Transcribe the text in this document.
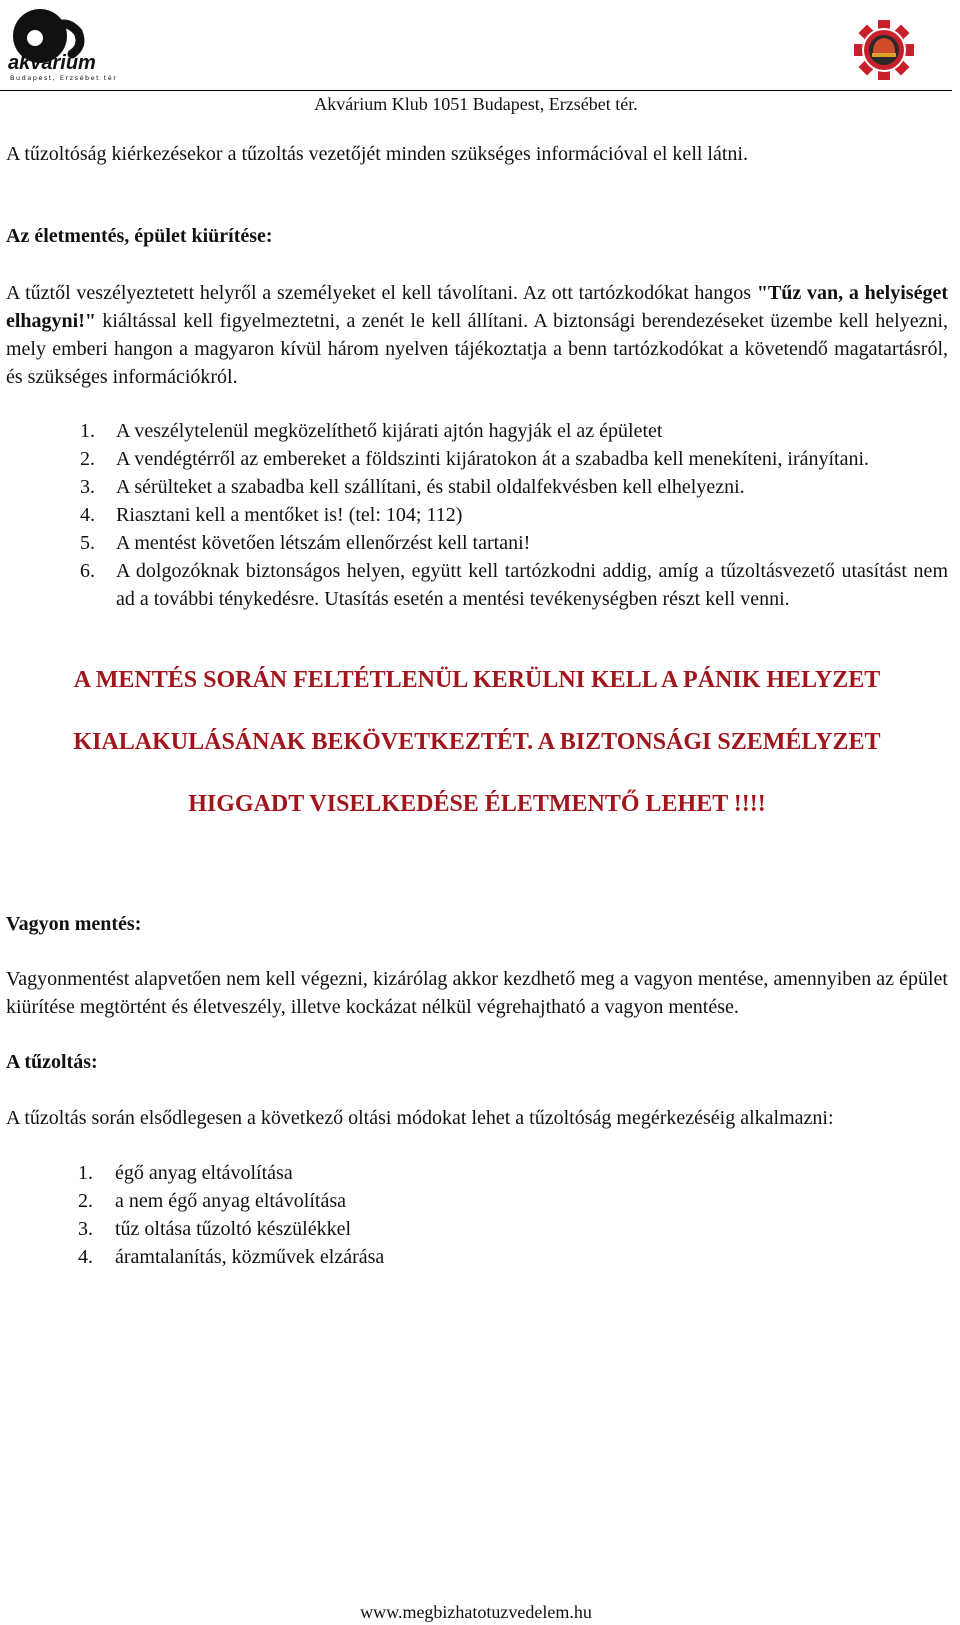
akvárium
Budapest, Erzsébet tér
Akvárium Klub 1051 Budapest, Erzsébet tér.

A tűzoltóság kiérkezésekor a tűzoltás vezetőjét minden szükséges információval el kell látni.

Az életmentés, épület kiürítése:

A tűztől veszélyeztetett helyről a személyeket el kell távolítani. Az ott tartózkodókat hangos "Tűz van, a helyiséget elhagyni!" kiáltással kell figyelmeztetni, a zenét le kell állítani. A biztonsági berendezéseket üzembe kell helyezni, mely emberi hangon a magyaron kívül három nyelven tájékoztatja a benn tartózkodókat a követendő magatartásról, és szükséges információkról.

1. A veszélytelenül megközelíthető kijárati ajtón hagyják el az épületet
2. A vendégtérről az embereket a földszinti kijáratokon át a szabadba kell menekíteni, irányítani.
3. A sérülteket a szabadba kell szállítani, és stabil oldalfekvésben kell elhelyezni.
4. Riasztani kell a mentőket is! (tel: 104; 112)
5. A mentést követően létszám ellenőrzést kell tartani!
6. A dolgozóknak biztonságos helyen, együtt kell tartózkodni addig, amíg a tűzoltásvezető utasítást nem ad a további ténykedésre. Utasítás esetén a mentési tevékenységben részt kell venni.
A MENTÉS SORÁN FELTÉTLENÜL KERÜLNI KELL A PÁNIK HELYZET
KIALAKULÁSÁNAK BEKÖVETKEZTÉT. A BIZTONSÁGI SZEMÉLYZET
HIGGADT VISELKEDÉSE ÉLETMENTŐ LEHET !!!!

Vagyon mentés:

Vagyonmentést alapvetően nem kell végezni, kizárólag akkor kezdhető meg a vagyon mentése, amennyiben az épület kiürítése megtörtént és életveszély, illetve kockázat nélkül végrehajtható a vagyon mentése.

A tűzoltás:

A tűzoltás során elsődlegesen a következő oltási módokat lehet a tűzoltóság megérkezéséig alkalmazni:

1. égő anyag eltávolítása
2. a nem égő anyag eltávolítása
3. tűz oltása tűzoltó készülékkel
4. áramtalanítás, közművek elzárása
www.megbizhatotuzvedelem.hu
